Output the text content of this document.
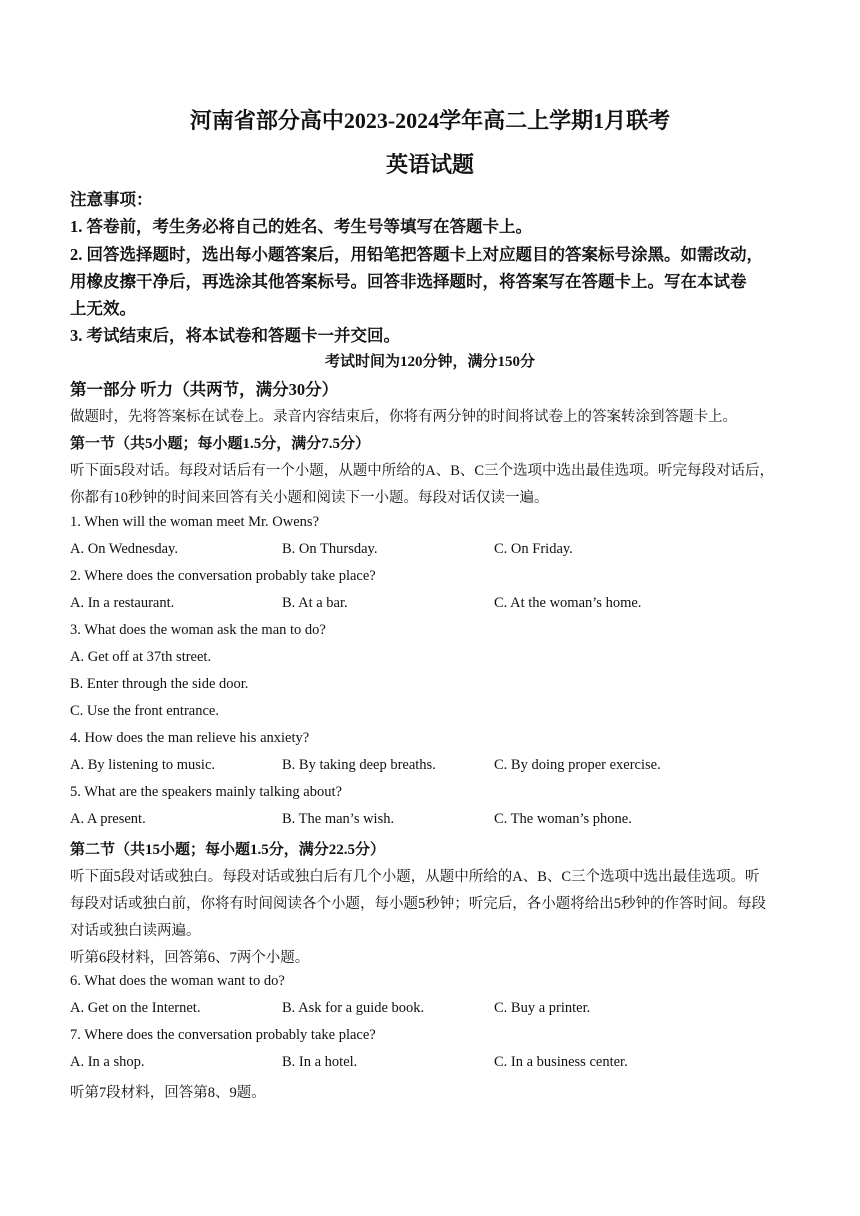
河南省部分高中2023-2024学年高二上学期1月联考
英语试题
注意事项：
1. 答卷前，考生务必将自己的姓名、考生号等填写在答题卡上。
2. 回答选择题时，选出每小题答案后，用铅笔把答题卡上对应题目的答案标号涂黑。如需改动，
用橡皮擦干净后，再选涂其他答案标号。回答非选择题时，将答案写在答题卡上。写在本试卷
上无效。
3. 考试结束后，将本试卷和答题卡一并交回。
考试时间为120分钟，满分150分
第一部分 听力（共两节，满分30分）
做题时，先将答案标在试卷上。录音内容结束后，你将有两分钟的时间将试卷上的答案转涂到答题卡上。
第一节（共5小题；每小题1.5分，满分7.5分）
听下面5段对话。每段对话后有一个小题，从题中所给的A、B、C三个选项中选出最佳选项。听完每段对话后，
你都有10秒钟的时间来回答有关小题和阅读下一小题。每段对话仅读一遍。
1. When will the woman meet Mr. Owens?
A. On Wednesday.	B. On Thursday.	C. On Friday.
2. Where does the conversation probably take place?
A. In a restaurant.	B. At a bar.	C. At the woman’s home.
3. What does the woman ask the man to do?
A. Get off at 37th street.
B. Enter through the side door.
C. Use the front entrance.
4. How does the man relieve his anxiety?
A. By listening to music.	B. By taking deep breaths.	C. By doing proper exercise.
5. What are the speakers mainly talking about?
A. A present.	B. The man’s wish.	C. The woman’s phone.
第二节（共15小题；每小题1.5分，满分22.5分）
听下面5段对话或独白。每段对话或独白后有几个小题，从题中所给的A、B、C三个选项中选出最佳选项。听
每段对话或独白前，你将有时间阅读各个小题，每小题5秒钟；听完后，各小题将给出5秒钟的作答时间。每段
对话或独白读两遍。
听第6段材料，回答第6、7两个小题。
6. What does the woman want to do?
A. Get on the Internet.	B. Ask for a guide book.	C. Buy a printer.
7. Where does the conversation probably take place?
A. In a shop.	B. In a hotel.	C. In a business center.
听第7段材料，回答第8、9题。
